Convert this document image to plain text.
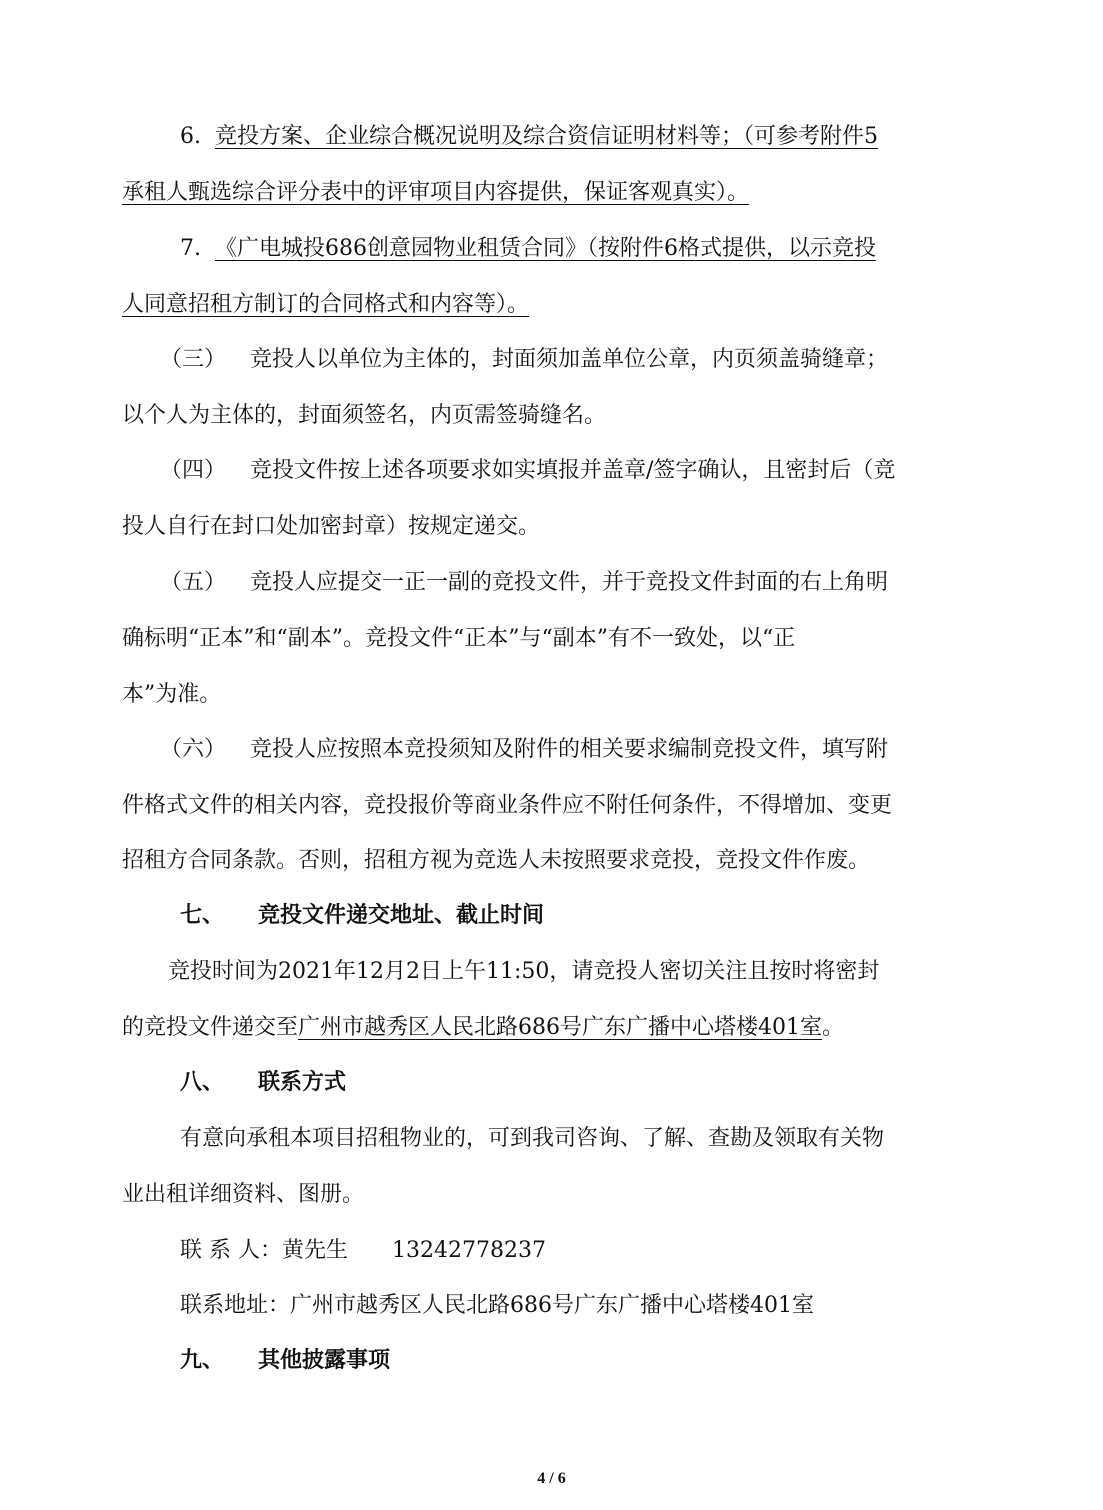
6. 竞投方案、企业综合概况说明及综合资信证明材料等；（可参考附件5
承租人甄选综合评分表中的评审项目内容提供，保证客观真实）。
7. 《广电城投686创意园物业租赁合同》（按附件6格式提供，以示竞投
人同意招租方制订的合同格式和内容等）。
（三） 竞投人以单位为主体的，封面须加盖单位公章，内页须盖骑缝章；
以个人为主体的，封面须签名，内页需签骑缝名。
（四） 竞投文件按上述各项要求如实填报并盖章/签字确认，且密封后（竞
投人自行在封口处加密封章）按规定递交。
（五） 竞投人应提交一正一副的竞投文件，并于竞投文件封面的右上角明
确标明“正本”和“副本”。竞投文件“正本”与“副本”有不一致处，以“正
本”为准。
（六） 竞投人应按照本竞投须知及附件的相关要求编制竞投文件，填写附
件格式文件的相关内容，竞投报价等商业条件应不附任何条件，不得增加、变更
招租方合同条款。否则，招租方视为竞选人未按照要求竞投，竞投文件作废。
七、 竞投文件递交地址、截止时间
竞投时间为2021年12月2日上午11:50，请竞投人密切关注且按时将密封
的竞投文件递交至广州市越秀区人民北路686号广东广播中心塔楼401室。
八、 联系方式
有意向承租本项目招租物业的，可到我司咨询、了解、查勘及领取有关物
业出租详细资料、图册。
联 系 人：黄先生　　13242778237
联系地址：广州市越秀区人民北路686号广东广播中心塔楼401室
九、 其他披露事项
4 / 6
